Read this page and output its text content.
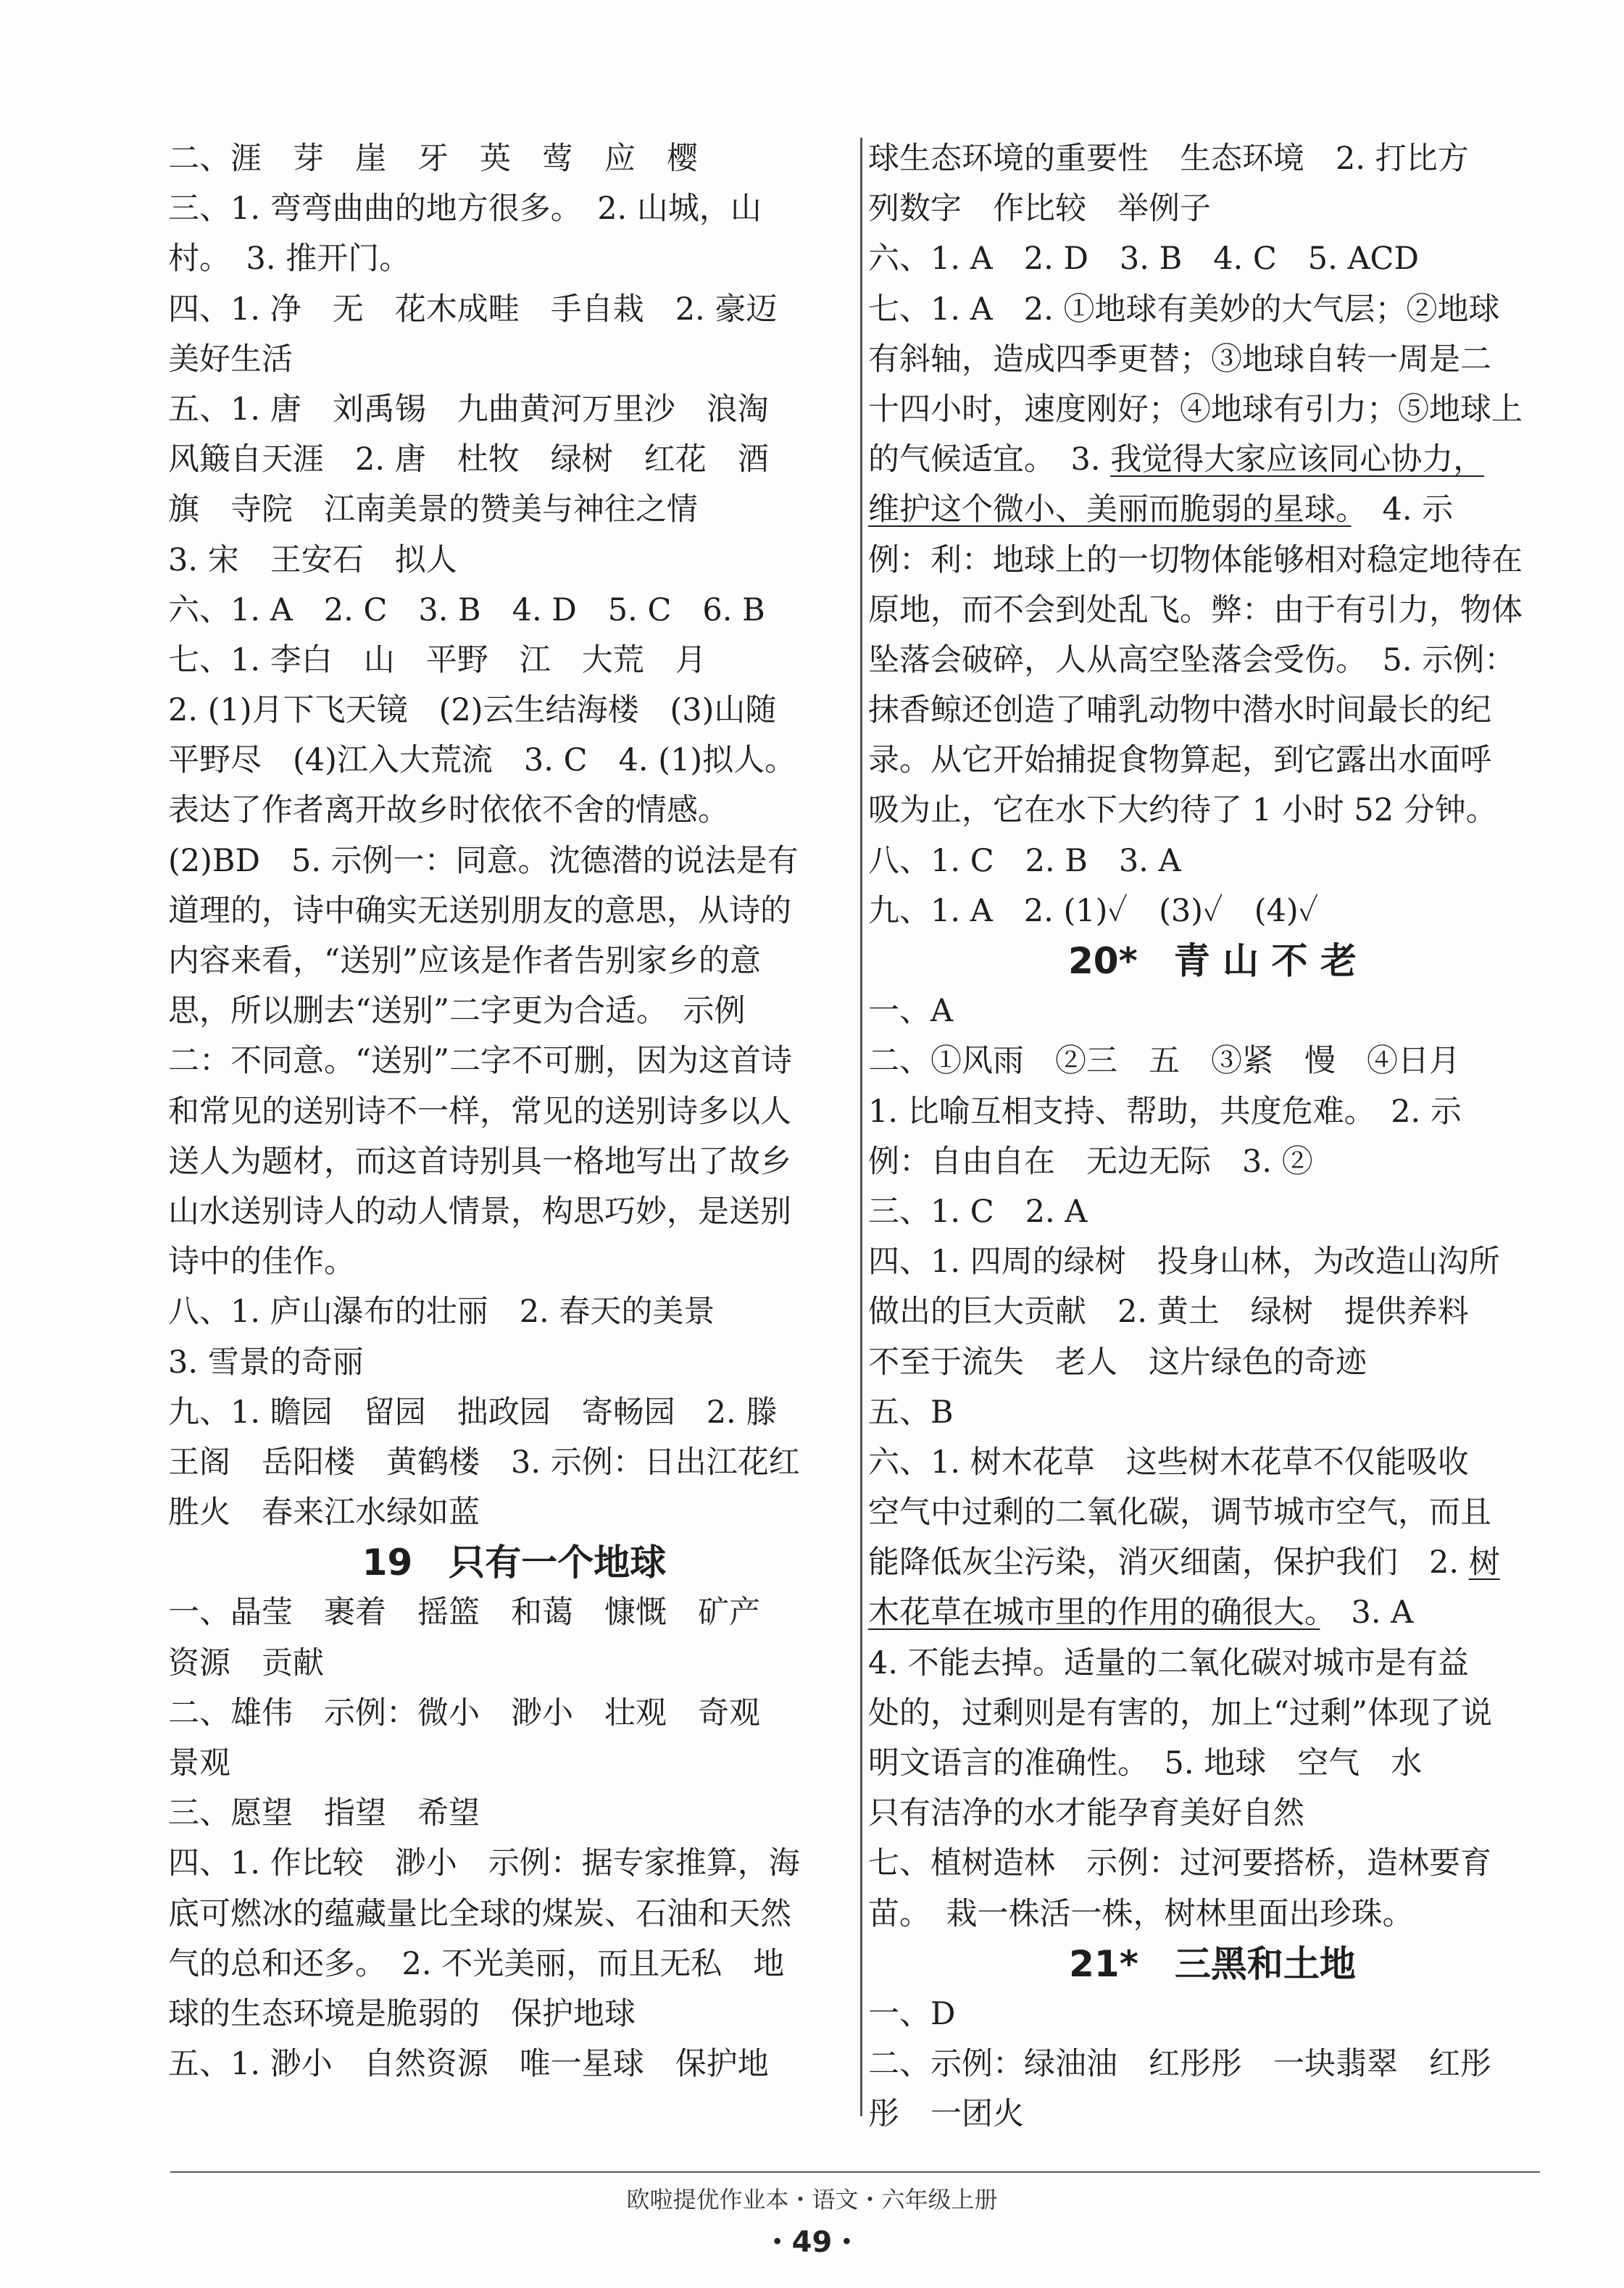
二、涯　芽　崖　牙　英　莺　应　樱
三、1. 弯弯曲曲的地方很多。　2. 山城，山
村。　3. 推开门。
四、1. 净　无　花木成畦　手自栽　2. 豪迈
美好生活
五、1. 唐　刘禹锡　九曲黄河万里沙　浪淘
风簸自天涯　2. 唐　杜牧　绿树　红花　酒
旗　寺院　江南美景的赞美与神往之情
3. 宋　王安石　拟人
六、1. A　2. C　3. B　4. D　5. C　6. B
七、1. 李白　山　平野　江　大荒　月
2. (1)月下飞天镜　(2)云生结海楼　(3)山随
平野尽　(4)江入大荒流　3. C　4. (1)拟人。
表达了作者离开故乡时依依不舍的情感。
(2)BD　5. 示例一：同意。沈德潜的说法是有
道理的，诗中确实无送别朋友的意思，从诗的
内容来看，“送别”应该是作者告别家乡的意
思，所以删去“送别”二字更为合适。　示例
二：不同意。“送别”二字不可删，因为这首诗
和常见的送别诗不一样，常见的送别诗多以人
送人为题材，而这首诗别具一格地写出了故乡
山水送别诗人的动人情景，构思巧妙，是送别
诗中的佳作。
八、1. 庐山瀑布的壮丽　2. 春天的美景
3. 雪景的奇丽
九、1. 瞻园　留园　拙政园　寄畅园　2. 滕
王阁　岳阳楼　黄鹤楼　3. 示例：日出江花红
胜火　春来江水绿如蓝
19　只有一个地球
一、晶莹　裹着　摇篮　和蔼　慷慨　矿产
资源　贡献
二、雄伟　示例：微小　渺小　壮观　奇观
景观
三、愿望　指望　希望
四、1. 作比较　渺小　示例：据专家推算，海
底可燃冰的蕴藏量比全球的煤炭、石油和天然
气的总和还多。　2. 不光美丽，而且无私　地
球的生态环境是脆弱的　保护地球
五、1. 渺小　自然资源　唯一星球　保护地
球生态环境的重要性　生态环境　2. 打比方
列数字　作比较　举例子
六、1. A　2. D　3. B　4. C　5. ACD
七、1. A　2. ①地球有美妙的大气层；②地球
有斜轴，造成四季更替；③地球自转一周是二
十四小时，速度刚好；④地球有引力；⑤地球上
的气候适宜。　3. 我觉得大家应该同心协力，
维护这个微小、美丽而脆弱的星球。　4. 示
例：利：地球上的一切物体能够相对稳定地待在
原地，而不会到处乱飞。弊：由于有引力，物体
坠落会破碎，人从高空坠落会受伤。　5. 示例：
抹香鲸还创造了哺乳动物中潜水时间最长的纪
录。从它开始捕捉食物算起，到它露出水面呼
吸为止，它在水下大约待了 1 小时 52 分钟。
八、1. C　2. B　3. A
九、1. A　2. (1)✓　(3)✓　(4)✓
20*　青 山 不 老
一、A
二、①风雨　②三　五　③紧　慢　④日月
1. 比喻互相支持、帮助，共度危难。　2. 示
例：自由自在　无边无际　3. ②
三、1. C　2. A
四、1. 四周的绿树　投身山林，为改造山沟所
做出的巨大贡献　2. 黄土　绿树　提供养料
不至于流失　老人　这片绿色的奇迹
五、B
六、1. 树木花草　这些树木花草不仅能吸收
空气中过剩的二氧化碳，调节城市空气，而且
能降低灰尘污染，消灭细菌，保护我们　2. 树
木花草在城市里的作用的确很大。　3. A
4. 不能去掉。适量的二氧化碳对城市是有益
处的，过剩则是有害的，加上“过剩”体现了说
明文语言的准确性。　5. 地球　空气　水
只有洁净的水才能孕育美好自然
七、植树造林　示例：过河要搭桥，造林要育
苗。　栽一株活一株，树林里面出珍珠。
21*　三黑和土地
一、D
二、示例：绿油油　红彤彤　一块翡翠　红彤
彤　一团火
欧啦提优作业本・语文・六年级上册
・49・
